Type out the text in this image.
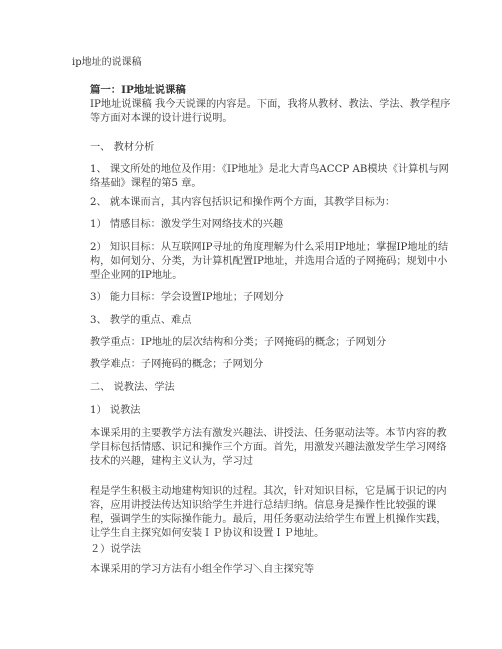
ip地址的说课稿

篇一：IP地址说课稿

IP地址说课稿 我今天说课的内容是。下面，我将从教材、教法、学法、教学程序等方面对本课的设计进行说明。

一、 教材分析

1、 课文所处的地位及作用：《IP地址》是北大青鸟ACCP AB模块《计算机与网络基础》课程的第5 章。

2、 就本课而言，其内容包括识记和操作两个方面，其教学目标为：

1） 情感目标：激发学生对网络技术的兴趣

2） 知识目标：从互联网IP寻址的角度理解为什么采用IP地址；掌握IP地址的结构，如何划分、分类，为计算机配置IP地址，并选用合适的子网掩码；规划中小型企业网的IP地址。

3） 能力目标：学会设置IP地址；子网划分

3、 教学的重点、难点

教学重点：IP地址的层次结构和分类；子网掩码的概念；子网划分

教学难点：子网掩码的概念；子网划分

二、 说教法、学法

1） 说教法

本课采用的主要教学方法有激发兴趣法、讲授法、任务驱动法等。本节内容的教学目标包括情感、识记和操作三个方面。首先，用激发兴趣法激发学生学习网络技术的兴趣，建构主义认为，学习过

程是学生积极主动地建构知识的过程。其次，针对知识目标，它是属于识记的内容，应用讲授法传达知识给学生并进行总结归纳。信息身是操作性比较强的课程，强调学生的实际操作能力。最后，用任务驱动法给学生布置上机操作实践，让学生自主探究如何安装ＩＰ协议和设置ＩＰ地址。

２）说学法

本课采用的学习方法有小组全作学习＼自主探究等
